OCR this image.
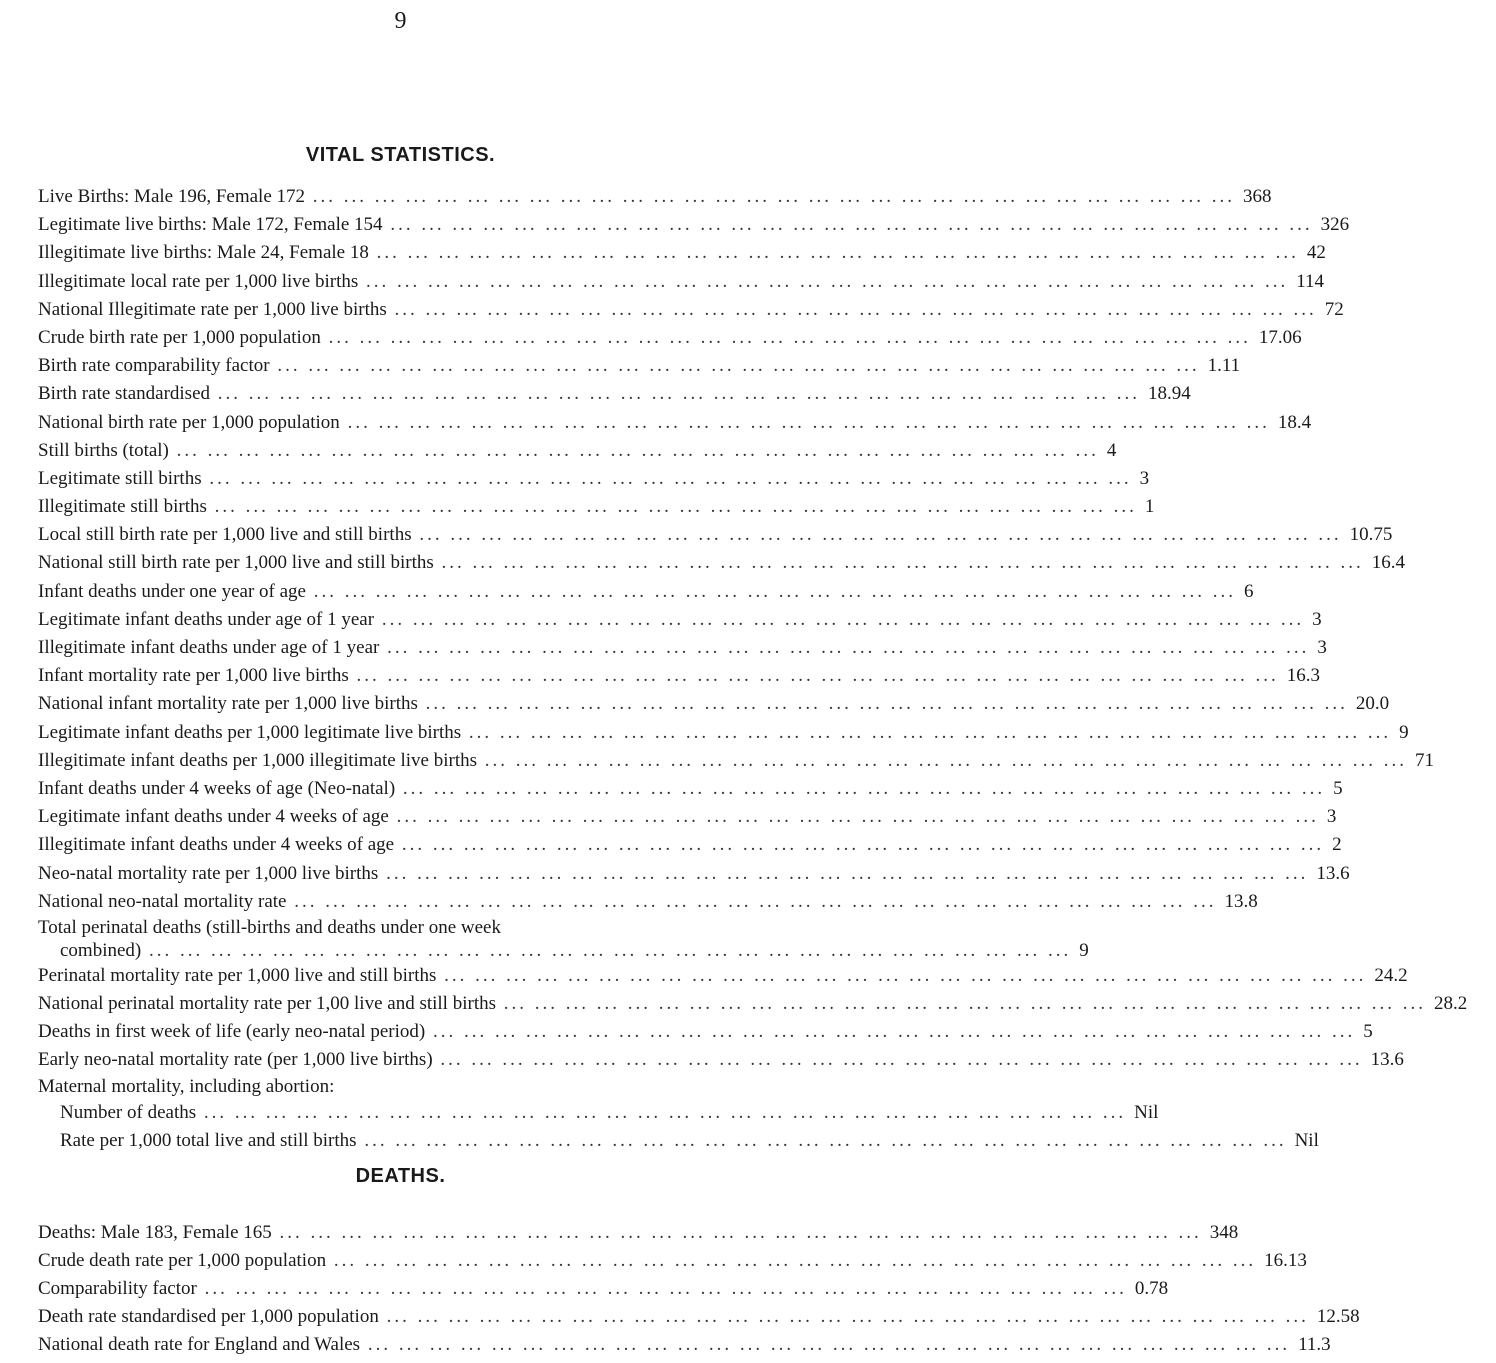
9
VITAL STATISTICS.
Live Births: Male 196, Female 172 ... ... ... ... ... ... ... ... ... ... ... ... ... ... ... ... ... ... ... ... ... ... ... ... ... ... ... ... ... ... 368
Legitimate live births: Male 172, Female 154 ... ... ... ... ... ... ... ... ... ... ... ... ... ... ... ... ... ... ... ... ... ... ... ... ... ... ... ... ... ... 326
Illegitimate live births: Male 24, Female 18 ... ... ... ... ... ... ... ... ... ... ... ... ... ... ... ... ... ... ... ... ... ... ... ... ... ... ... ... ... ... 42
Illegitimate local rate per 1,000 live births ... ... ... ... ... ... ... ... ... ... ... ... ... ... ... ... ... ... ... ... ... ... ... ... ... ... ... ... ... ... 114
National Illegitimate rate per 1,000 live births ... ... ... ... ... ... ... ... ... ... ... ... ... ... ... ... ... ... ... ... ... ... ... ... ... ... ... ... ... ... 72
Crude birth rate per 1,000 population ... ... ... ... ... ... ... ... ... ... ... ... ... ... ... ... ... ... ... ... ... ... ... ... ... ... ... ... ... ... 17.06
Birth rate comparability factor ... ... ... ... ... ... ... ... ... ... ... ... ... ... ... ... ... ... ... ... ... ... ... ... ... ... ... ... ... ... 1.11
Birth rate standardised ... ... ... ... ... ... ... ... ... ... ... ... ... ... ... ... ... ... ... ... ... ... ... ... ... ... ... ... ... ... 18.94
National birth rate per 1,000 population ... ... ... ... ... ... ... ... ... ... ... ... ... ... ... ... ... ... ... ... ... ... ... ... ... ... ... ... ... ... 18.4
Still births (total) ... ... ... ... ... ... ... ... ... ... ... ... ... ... ... ... ... ... ... ... ... ... ... ... ... ... ... ... ... ... 4
Legitimate still births ... ... ... ... ... ... ... ... ... ... ... ... ... ... ... ... ... ... ... ... ... ... ... ... ... ... ... ... ... ... 3
Illegitimate still births ... ... ... ... ... ... ... ... ... ... ... ... ... ... ... ... ... ... ... ... ... ... ... ... ... ... ... ... ... ... 1
Local still birth rate per 1,000 live and still births ... ... ... ... ... ... ... ... ... ... ... ... ... ... ... ... ... ... ... ... ... ... ... ... ... ... ... ... ... ... 10.75
National still birth rate per 1,000 live and still births ... ... ... ... ... ... ... ... ... ... ... ... ... ... ... ... ... ... ... ... ... ... ... ... ... ... ... ... ... ... 16.4
Infant deaths under one year of age ... ... ... ... ... ... ... ... ... ... ... ... ... ... ... ... ... ... ... ... ... ... ... ... ... ... ... ... ... ... 6
Legitimate infant deaths under age of 1 year ... ... ... ... ... ... ... ... ... ... ... ... ... ... ... ... ... ... ... ... ... ... ... ... ... ... ... ... ... ... 3
Illegitimate infant deaths under age of 1 year ... ... ... ... ... ... ... ... ... ... ... ... ... ... ... ... ... ... ... ... ... ... ... ... ... ... ... ... ... ... 3
Infant mortality rate per 1,000 live births ... ... ... ... ... ... ... ... ... ... ... ... ... ... ... ... ... ... ... ... ... ... ... ... ... ... ... ... ... ... 16.3
National infant mortality rate per 1,000 live births ... ... ... ... ... ... ... ... ... ... ... ... ... ... ... ... ... ... ... ... ... ... ... ... ... ... ... ... ... ... 20.0
Legitimate infant deaths per 1,000 legitimate live births ... ... ... ... ... ... ... ... ... ... ... ... ... ... ... ... ... ... ... ... ... ... ... ... ... ... ... ... ... ... 9
Illegitimate infant deaths per 1,000 illegitimate live births ... ... ... ... ... ... ... ... ... ... ... ... ... ... ... ... ... ... ... ... ... ... ... ... ... ... ... ... ... ... 71
Infant deaths under 4 weeks of age (Neo-natal) ... ... ... ... ... ... ... ... ... ... ... ... ... ... ... ... ... ... ... ... ... ... ... ... ... ... ... ... ... ... 5
Legitimate infant deaths under 4 weeks of age ... ... ... ... ... ... ... ... ... ... ... ... ... ... ... ... ... ... ... ... ... ... ... ... ... ... ... ... ... ... 3
Illegitimate infant deaths under 4 weeks of age ... ... ... ... ... ... ... ... ... ... ... ... ... ... ... ... ... ... ... ... ... ... ... ... ... ... ... ... ... ... 2
Neo-natal mortality rate per 1,000 live births ... ... ... ... ... ... ... ... ... ... ... ... ... ... ... ... ... ... ... ... ... ... ... ... ... ... ... ... ... ... 13.6
National neo-natal mortality rate ... ... ... ... ... ... ... ... ... ... ... ... ... ... ... ... ... ... ... ... ... ... ... ... ... ... ... ... ... ... 13.8
Total perinatal deaths (still-births and deaths under one week
combined) ... ... ... ... ... ... ... ... ... ... ... ... ... ... ... ... ... ... ... ... ... ... ... ... ... ... ... ... ... ... 9
Perinatal mortality rate per 1,000 live and still births ... ... ... ... ... ... ... ... ... ... ... ... ... ... ... ... ... ... ... ... ... ... ... ... ... ... ... ... ... ... 24.2
National perinatal mortality rate per 1,00 live and still births ... ... ... ... ... ... ... ... ... ... ... ... ... ... ... ... ... ... ... ... ... ... ... ... ... ... ... ... ... ... 28.2
Deaths in first week of life (early neo-natal period) ... ... ... ... ... ... ... ... ... ... ... ... ... ... ... ... ... ... ... ... ... ... ... ... ... ... ... ... ... ... 5
Early neo-natal mortality rate (per 1,000 live births) ... ... ... ... ... ... ... ... ... ... ... ... ... ... ... ... ... ... ... ... ... ... ... ... ... ... ... ... ... ... 13.6
Maternal mortality, including abortion:
Number of deaths ... ... ... ... ... ... ... ... ... ... ... ... ... ... ... ... ... ... ... ... ... ... ... ... ... ... ... ... ... ... Nil
Rate per 1,000 total live and still births ... ... ... ... ... ... ... ... ... ... ... ... ... ... ... ... ... ... ... ... ... ... ... ... ... ... ... ... ... ... Nil
DEATHS.
Deaths: Male 183, Female 165 ... ... ... ... ... ... ... ... ... ... ... ... ... ... ... ... ... ... ... ... ... ... ... ... ... ... ... ... ... ... 348
Crude death rate per 1,000 population ... ... ... ... ... ... ... ... ... ... ... ... ... ... ... ... ... ... ... ... ... ... ... ... ... ... ... ... ... ... 16.13
Comparability factor ... ... ... ... ... ... ... ... ... ... ... ... ... ... ... ... ... ... ... ... ... ... ... ... ... ... ... ... ... ... 0.78
Death rate standardised per 1,000 population ... ... ... ... ... ... ... ... ... ... ... ... ... ... ... ... ... ... ... ... ... ... ... ... ... ... ... ... ... ... 12.58
National death rate for England and Wales ... ... ... ... ... ... ... ... ... ... ... ... ... ... ... ... ... ... ... ... ... ... ... ... ... ... ... ... ... ... 11.3
